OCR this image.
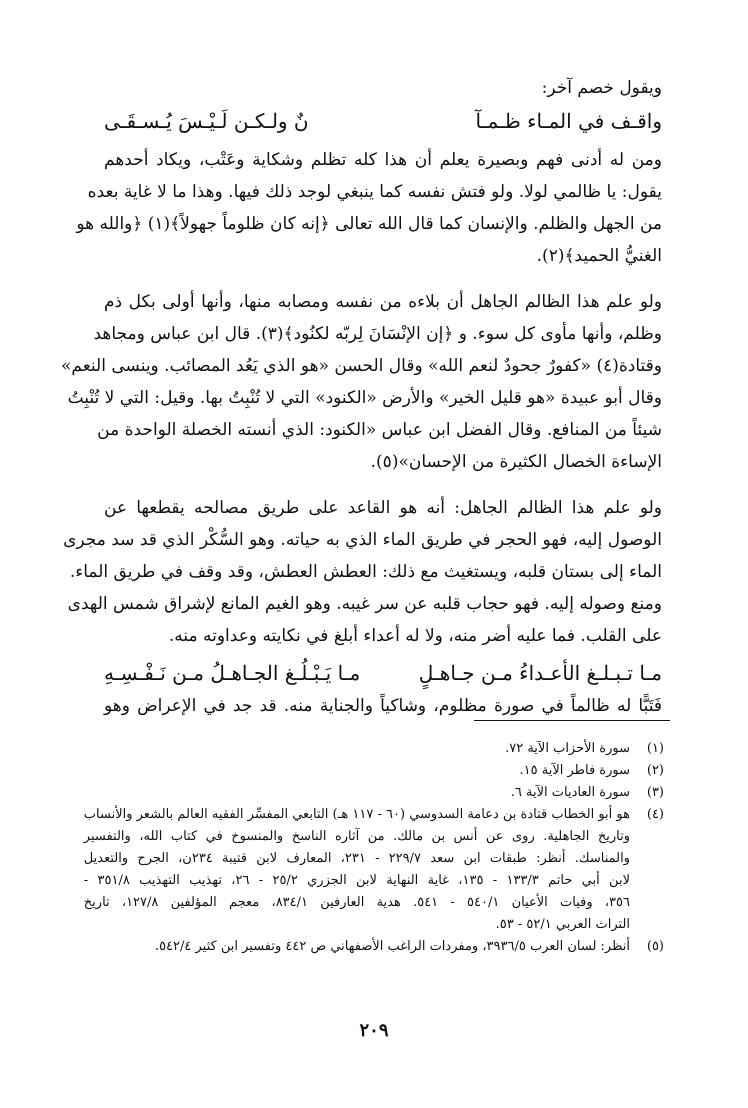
ويقول خصم آخر:
واقـف في المـاء ظـمـآ
نٌ ولـكـن لَـيْـسَ يُـسـقَـى
ومن له أدنى فهم وبصيرة يعلم أن هذا كله تظلم وشكاية وعَتْب، ويكاد أحدهم
يقول: يا ظالمي لولا. ولو فتش نفسه كما ينبغي لوجد ذلك فيها. وهذا ما لا غاية بعده
من الجهل والظلم. والإنسان كما قال الله تعالى ﴿إنه كان ظلوماً جهولاً﴾(١) ﴿والله هو
الغنيُّ الحميد﴾(٢).
ولو علم هذا الظالم الجاهل أن بلاءه من نفسه ومصابه منها، وأنها أولى بكل ذم
وظلم، وأنها مأوى كل سوء. و ﴿إن الإنْسَانَ لِربّه لكنُود﴾(٣). قال ابن عباس ومجاهد
وقتادة(٤) «كفورٌ جحودٌ لنعم الله» وقال الحسن «هو الذي يَعُد المصائب. وينسى النعم»
وقال أبو عبيدة «هو قليل الخير» والأرض «الكنود» التي لا تُنْبِتُ بها. وقيل: التي لا تُنْبِتُ
شيئاً من المنافع. وقال الفضل ابن عباس «الكنود: الذي أنسته الخصلة الواحدة من
الإساءة الخصال الكثيرة من الإحسان»(٥).
ولو علم هذا الظالم الجاهل: أنه هو القاعد على طريق مصالحه يقطعها عن
الوصول إليه، فهو الحجر في طريق الماء الذي به حياته. وهو السُّكْر الذي قد سد مجرى
الماء إلى بستان قلبه، ويستغيث مع ذلك: العطش العطش، وقد وقف في طريق الماء.
ومنع وصوله إليه. فهو حجاب قلبه عن سر غيبه. وهو الغيم المانع لإشراق شمس الهدى
على القلب. فما عليه أضر منه، ولا له أعداء أبلغ في نكايته وعداوته منه.
مـا تـبـلـغ الأعـداءُ مـن جـاهـلٍ
مـا يَـبْـلُـغ الجـاهـلُ مـن نَـفْـسِـهِ
فَتَبًّا له ظالماً في صورة مظلوم، وشاكياً والجناية منه. قد جد في الإعراض وهو
(١)
سورة الأحزاب الآية ٧٢.
(٢)
سورة فاطر الآية ١٥.
(٣)
سورة العاديات الآية ٦.
(٤)
هو أبو الخطاب قتادة بن دعامة السدوسي (٦٠ - ١١٧ هـ) التابعي المفسِّر الفقيه العالم بالشعر والأنساب
وتاريخ الجاهلية. روى عن أنس بن مالك. من آثاره الناسخ والمنسوخ في كتاب الله، والتفسير
والمناسك. أنظر: طبقات ابن سعد ٢٢٩/٧ - ٢٣١، المعارف لابن قتيبة ٢٣٤ن، الجرح والتعديل
لابن أبي حاتم ١٣٣/٣ - ١٣٥، غاية النهاية لابن الجزري ٢٥/٢ - ٢٦، تهذيب التهذيب ٣٥١/٨ -
٣٥٦، وفيات الأعيان ٥٤٠/١ - ٥٤١. هدية العارفين ٨٣٤/١، معجم المؤلفين ١٢٧/٨، تاريخ
التراث العربي ٥٢/١ - ٥٣.
(٥)
أنظر: لسان العرب ٣٩٣٦/٥، ومفردات الراغب الأصفهاني ص ٤٤٢ وتفسير ابن كثير ٥٤٢/٤.
٢٠٩
